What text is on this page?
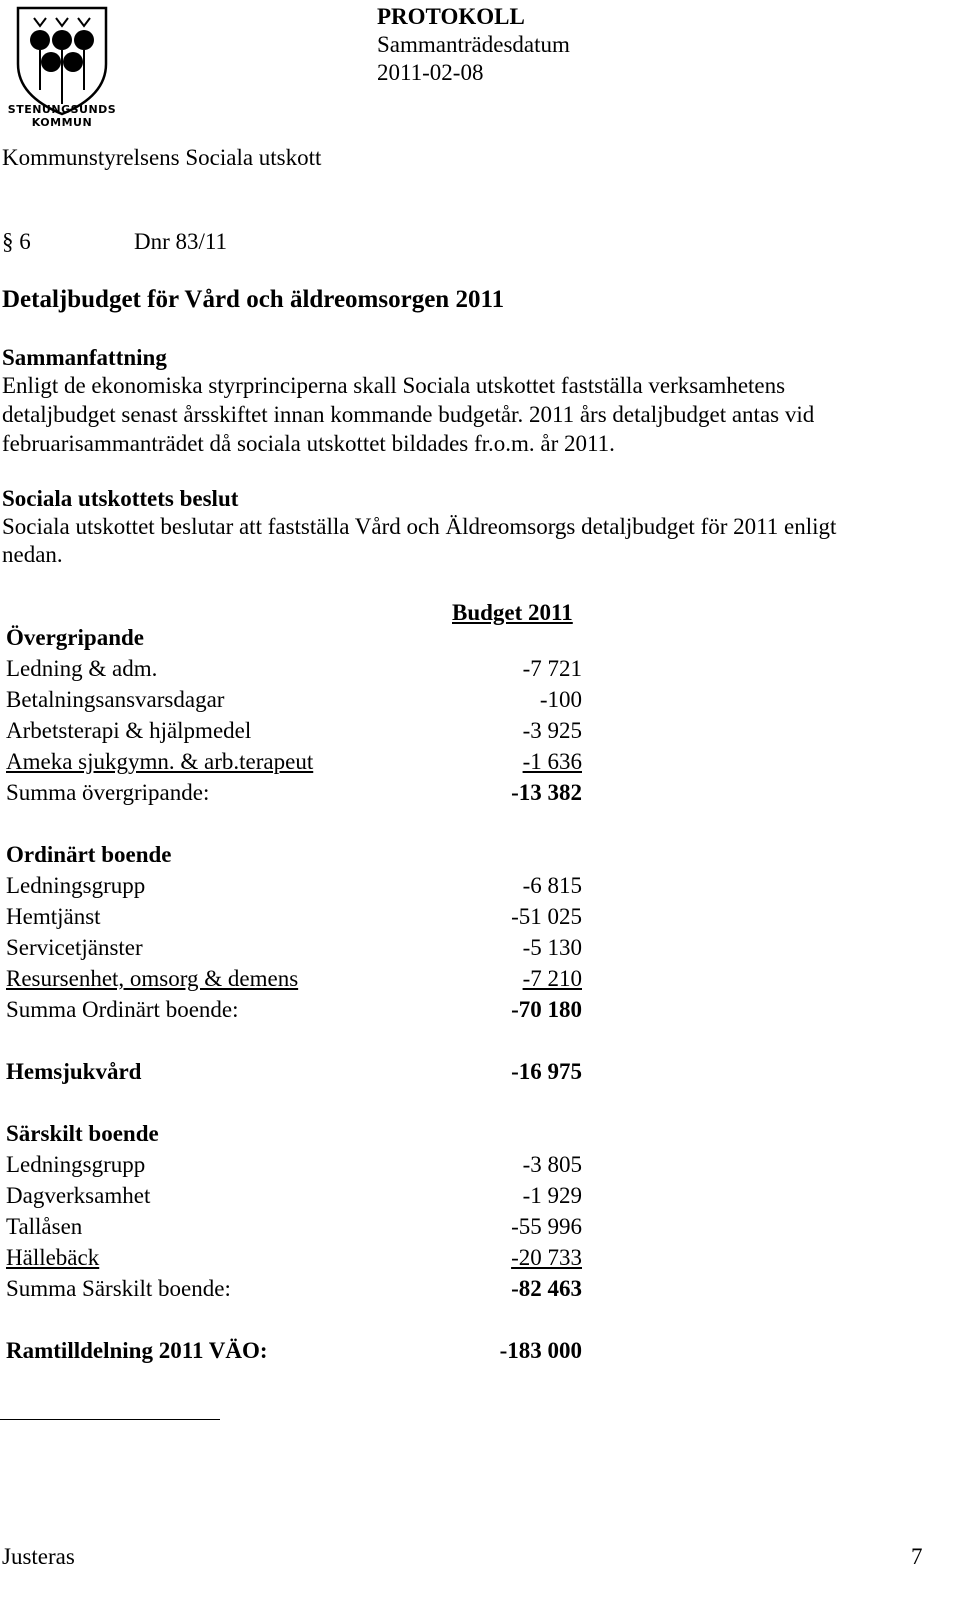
STENUNGSUNDS
KOMMUN
PROTOKOLL
Sammanträdesdatum
2011-02-08
Kommunstyrelsens Sociala utskott
§ 6	Dnr 83/11
Detaljbudget för Vård och äldreomsorgen 2011
Sammanfattning
Enligt de ekonomiska styrprinciperna skall Sociala utskottet fastställa verksamhetens
detaljbudget senast årsskiftet innan kommande budgetår. 2011 års detaljbudget antas vid
februarisammanträdet då sociala utskottet bildades fr.o.m. år 2011.
Sociala utskottets beslut
Sociala utskottet beslutar att fastställa Vård och Äldreomsorgs detaljbudget för 2011 enligt
nedan.
Budget 2011
Övergripande	
Ledning & adm.	-7 721
Betalningsansvarsdagar	-100
Arbetsterapi & hjälpmedel	-3 925
Ameka sjukgymn. & arb.terapeut	-1 636
Summa övergripande:	-13 382

Ordinärt boende	
Ledningsgrupp	-6 815
Hemtjänst	-51 025
Servicetjänster	-5 130
Resursenhet, omsorg & demens	-7 210
Summa Ordinärt boende:	-70 180

Hemsjukvård	-16 975

Särskilt boende	
Ledningsgrupp	-3 805
Dagverksamhet	-1 929
Tallåsen	-55 996
Hällebäck	-20 733
Summa Särskilt boende:	-82 463

Ramtilldelning 2011 VÄO:	-183 000
Justeras	7
